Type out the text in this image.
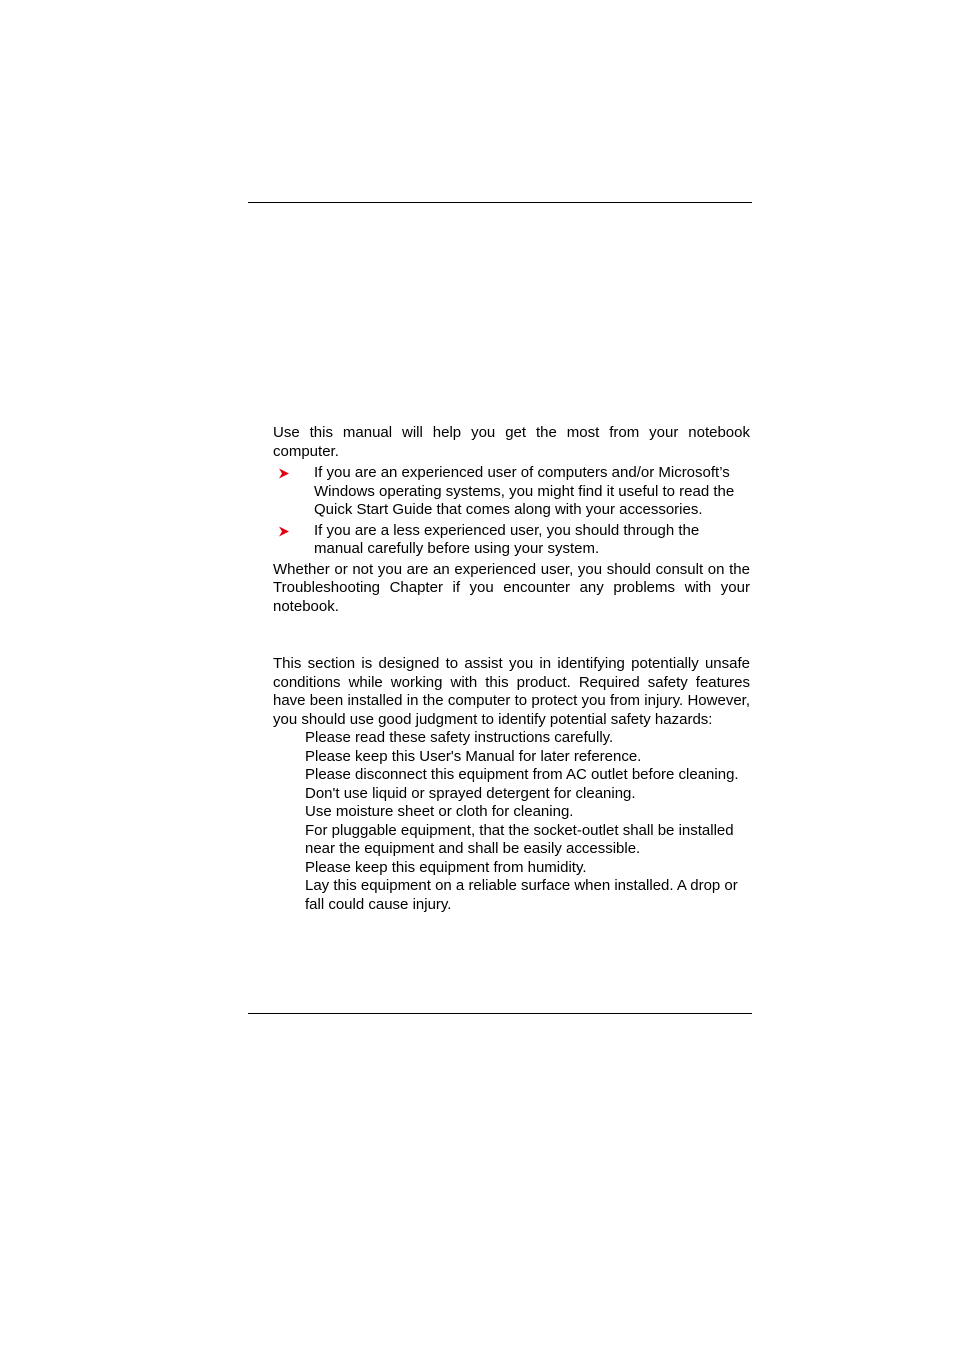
Use this manual will help you get the most from your notebook computer.

If you are an experienced user of computers and/or Microsoft’s Windows operating systems, you might find it useful to read the Quick Start Guide that comes along with your accessories.
If you are a less experienced user, you should through the manual carefully before using your system.

Whether or not you are an experienced user, you should consult on the Troubleshooting Chapter if you encounter any problems with your notebook.

This section is designed to assist you in identifying potentially unsafe conditions while working with this product. Required safety features have been installed in the computer to protect you from injury. However, you should use good judgment to identify potential safety hazards:

Please read these safety instructions carefully.
Please keep this User's Manual for later reference.
Please disconnect this equipment from AC outlet before cleaning. Don't use liquid or sprayed detergent for cleaning.
Use moisture sheet or cloth for cleaning.
For pluggable equipment, that the socket-outlet shall be installed near the equipment and shall be easily accessible.
Please keep this equipment from humidity.
Lay this equipment on a reliable surface when installed. A drop or fall could cause injury.
